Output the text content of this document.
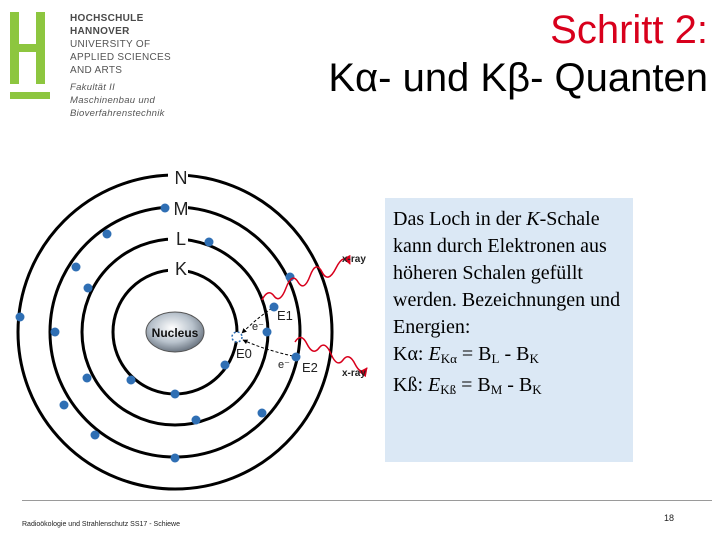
HOCHSCHULE
HANNOVER
UNIVERSITY OF
APPLIED SCIENCES
AND ARTS
Fakultät II
Maschinenbau und
Bioverfahrenstechnik
Schritt 2:
Kα- und Kβ- Quanten
N
M
L
K
Nucleus	e⁻
e⁻
E1
E0
E2
x-ray
x-ray
Das Loch in der K-Schale kann durch Elektronen aus höheren Schalen gefüllt werden. Bezeichnungen und Energien:
Kα: $E_{K\alpha} = B_L - B_K$
Kß: $E_{Kß} = B_M - B_K$
Radioökologie und Strahlenschutz SS17 - Schiewe
18
